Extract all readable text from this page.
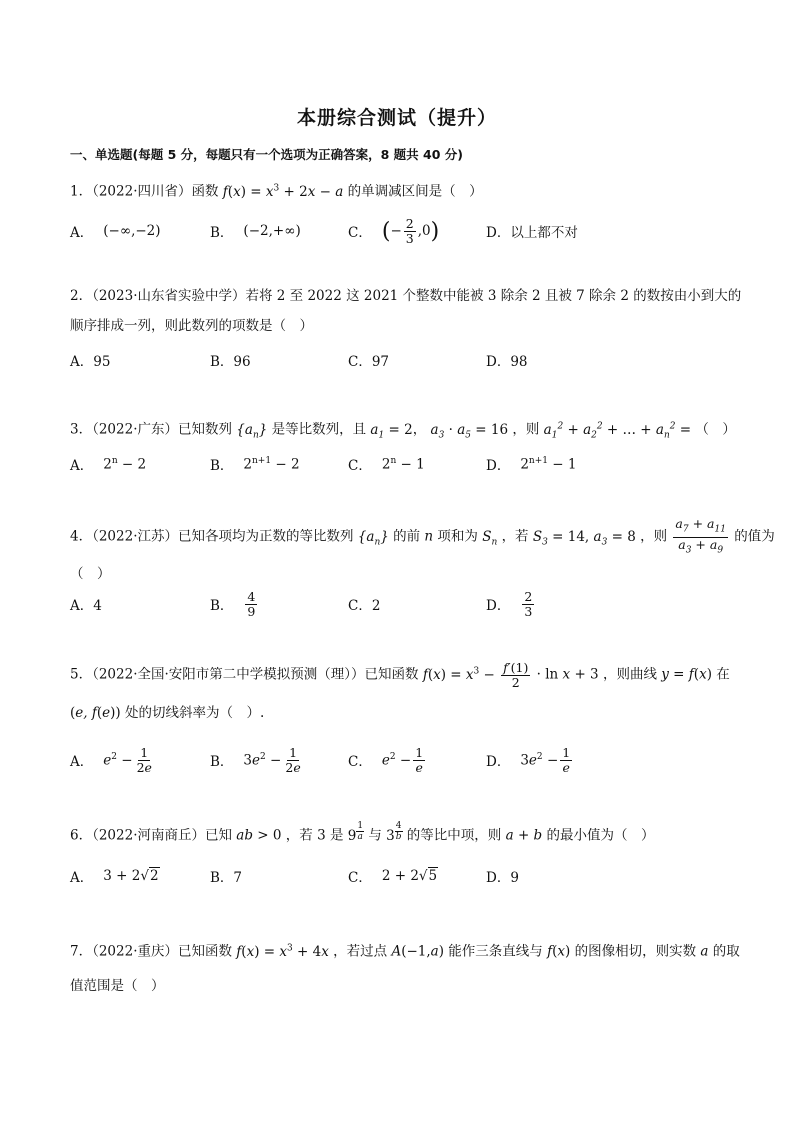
本册综合测试（提升）
一、单选题(每题 5 分，每题只有一个选项为正确答案，8 题共 40 分)
1．（2022·四川省）函数 $f(x) = x^3 + 2x - a$ 的单调减区间是（　）
A． (−∞,−2)	B． (−2,+∞)	C． ( − $\frac{2}{3} ,0$ )	D． 以上都不对
2．（2023·山东省实验中学）若将 2 至 2022 这 2021 个整数中能被 3 除余 2 且被 7 除余 2 的数按由小到大的
顺序排成一列，则此数列的项数是（　）
A．95	B．96	C．97	D．98
3．（2022·广东）已知数列 $\{a_n\}$ 是等比数列，且 $a_1 = 2$， $a_3 \cdot a_5 = 16$ ，则 $a_1^2 + a_2^2$ + … + $a_n^2$ = （　）
A． $2^n - 2$	B． $2^{n+1} - 2$	C． $2^n - 1$	D． $2^{n+1} - 1$
4．（2022·江苏）已知各项均为正数的等比数列 $\{a_n\}$ 的前 n 项和为 $S_n$ ，若 $S_3 = 14$, $a_3 = 8$ ，则 $\frac{a_7 + a_{11}}{a_3 + a_9}$ 的值为
（　）
A．4	B． $\frac{4}{9}$	C．2	D． $\frac{2}{3}$
5．（2022·全国·安阳市第二中学模拟预测（理））已知函数 $f(x) = x^3 - \frac{f'(1)}{2} \cdot \ln x + 3$ ，则曲线 y = f(x) 在
(e, f(e)) 处的切线斜率为（　）.
A． $e^2 - \frac{1}{2e}$	B． $3e^2 - \frac{1}{2e}$	C． $e^2 - \frac{1}{e}$	D． $3e^2 - \frac{1}{e}$
6．（2022·河南商丘）已知 ab > 0 ，若 3 是 9 $^{\frac{1}{a}}$ 与 3 $^{\frac{4}{b}}$ 的等比中项，则 a + b 的最小值为（　）
A． 3 + 2√2	B．7	C． 2 + 2√5	D．9
7．（2022·重庆）已知函数 $f(x) = x^3 + 4x$ ，若过点 A(−1,a) 能作三条直线与 f(x) 的图像相切，则实数 a 的取
值范围是（　）
